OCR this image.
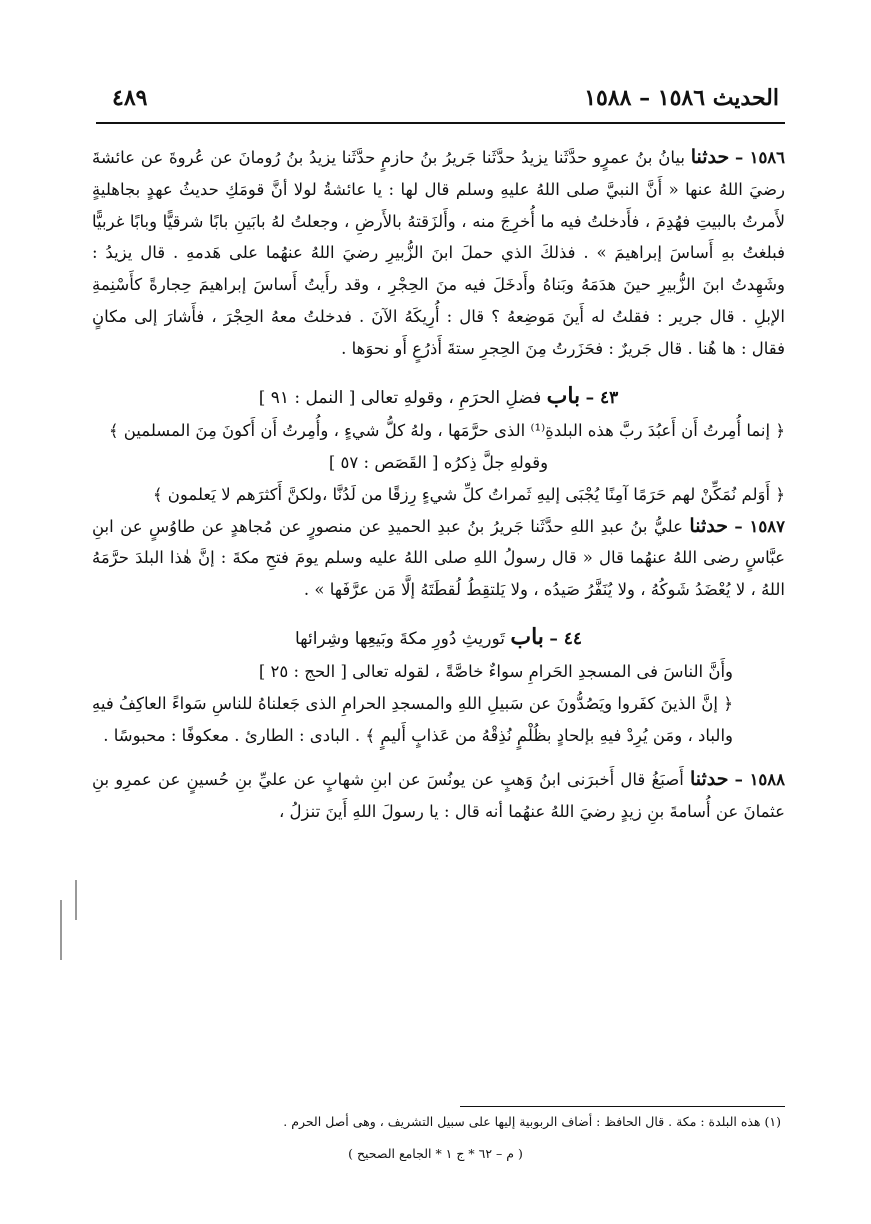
الحديث ١٥٨٦ – ١٥٨٨
٤٨٩

١٥٨٦ – حدثنا بيانُ بنُ عمرٍو حدَّثَنا يزيدُ حدَّثَنا جَريرُ بنُ حازمٍ حدَّثَنا يزيدُ بنُ رُومانَ عن عُروةَ عن عائشةَ رضيَ اللهُ عنها « أَنَّ النبيَّ صلى اللهُ عليهِ وسلم قال لها : يا عائشةُ لولا أنَّ قومَكِ حديثُ عهدٍ بجاهليةٍ لأَمرتُ بالبيتِ فهُدِمَ ، فأَدخلتُ فيه ما أُخرِجَ منه ، وأَلزَقتهُ بالأَرضِ ، وجعلتُ لهُ بابَينِ بابًا شرقيًّا وبابًا غربيًّا فبلغتُ بهِ أَساسَ إبراهيمَ » . فذلكَ الذي حملَ ابنَ الزُّبيرِ رضيَ اللهُ عنهُما على هَدمهِ . قال يزيدُ : وشَهِدتُ ابنَ الزُّبيرِ حينَ هدَمَهُ وبَناهُ وأَدخَلَ فيه منَ الحِجْرِ ، وقد رأَيتُ أَساسَ إبراهيمَ حِجارةً كأَسْنِمةِ الإبلِ . قال جرير : فقلتُ له أَينَ مَوضِعهُ ؟ قال : أُرِيكَهُ الآنَ . فدخلتُ معهُ الحِجْرَ ، فأَشارَ إلى مكانٍ فقال : ها هُنا . قال جَريرٌ : فحَزَرتُ مِنَ الحِجرِ ستةَ أَذرُعٍ أَو نحوَها .

٤٣ – باب فضلِ الحرَمِ ، وقولهِ تعالى [ النمل : ٩١ ]

﴿ إنما أُمِرتُ أَن أَعبُدَ ربَّ هذه البلدةِ⁽¹⁾ الذى حرَّمَها ، ولهُ كلُّ شيءٍ ، وأُمِرتُ أَن أَكونَ مِنَ المسلمين ﴾

وقولهِ جلَّ ذِكرُه [ القَصَص : ٥٧ ]

﴿ أَوَلم نُمَكِّنْ لهم حَرَمًا آمِنًا يُجْبَى إليهِ ثَمراتُ كلِّ شيءٍ رِزقًا من لَدُنَّا ،ولكنَّ أَكثرَهم لا يَعلمون ﴾

١٥٨٧ – حدثنا عليُّ بنُ عبدِ اللهِ حدَّثَنا جَريرُ بنُ عبدِ الحميدِ عن منصورٍ عن مُجاهدٍ عن طاوُسٍ عن ابنِ عبَّاسٍ رضى اللهُ عنهُما قال « قال رسولُ اللهِ صلى اللهُ عليه وسلم يومَ فتحِ مكةَ : إنَّ هٰذا البلدَ حرَّمَهُ اللهُ ، لا يُعْضَدُ شَوكُهُ ، ولا يُنَفَّرُ صَيدُه ، ولا يَلتقِطُ لُقطَتَهُ إلَّا مَن عرَّفَها » .

٤٤ – باب تَوريثِ دُورِ مكةَ وبَيعِها وشِرائها

وأَنَّ الناسَ فى المسجدِ الحَرامِ سواءٌ خاصَّةً ، لقوله تعالى [ الحج : ٢٥ ]

﴿ إنَّ الذينَ كفَروا ويَصُدُّونَ عن سَبيلِ اللهِ والمسجدِ الحرامِ الذى جَعلناهُ للناسِ سَواءً العاكِفُ فيهِ والباد ، ومَن يُرِدْ فيهِ بإلحادٍ بظُلْمٍ نُذِقْهُ من عَذابٍ أَليمٍ ﴾ . البادى : الطارئ . معكوفًا : محبوسًا .

١٥٨٨ – حدثنا أَصبَغُ قال أَخبرَنى ابنُ وَهبٍ عن يونُسَ عن ابنِ شهابٍ عن عليِّ بنِ حُسينٍ عن عمرِو بنِ عثمانَ عن أُسامةَ بنِ زيدٍ رضيَ اللهُ عنهُما أنه قال : يا رسولَ اللهِ أَينَ تنزلُ ،

(١) هذه البلدة : مكة . قال الحافظ : أضاف الربوبية إليها على سبيل التشريف ، وهى أصل الحرم .
( م – ٦٢ * ج ١ * الجامع الصحيح )
